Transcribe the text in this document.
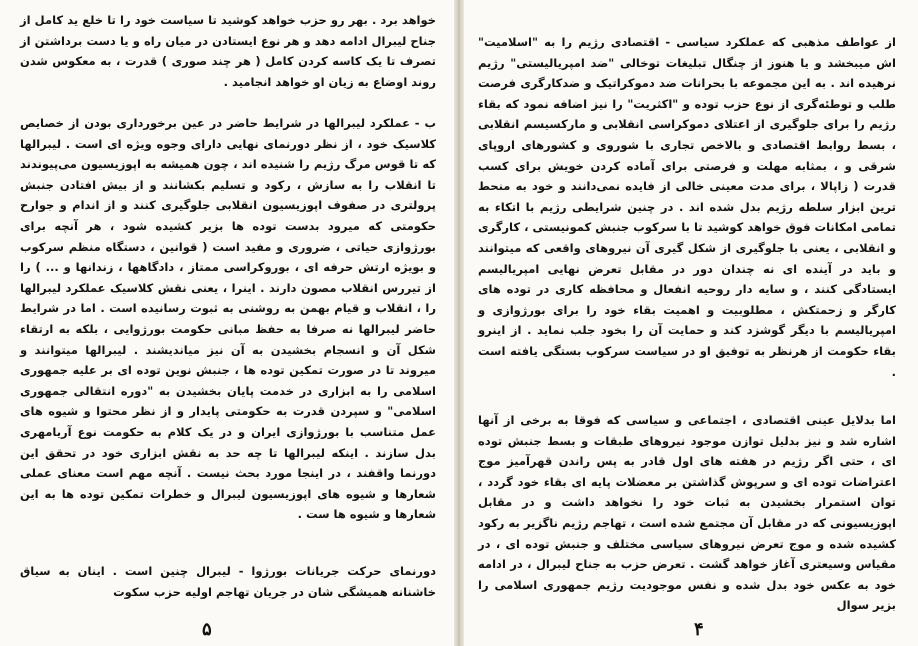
خواهد برد . بهر رو حزب خواهد کوشید تا سیاست خود را تا خلع ید کامل از جناح لیبرال ادامه دهد و هر نوع ایستادن در میان راه و یا دست برداشتن از تصرف تا یک کاسه کردن کامل ( هر چند صوری ) قدرت ، به معکوس شدن روند اوضاع به زیان او خواهد انجامید .

ب - عملکرد لیبرالها در شرایط حاضر در عین برخورداری بودن از خصایص کلاسیک خود ، از نظر دورنمای نهایی دارای وجوه ویژه ای است . لیبرالها که تا قوس مرگ رژیم را شنیده اند ، چون همیشه به اپوزیسیون می‌پیوندند تا انقلاب را به سازش ، رکود و تسلیم بکشانند و از بیش افتادن جنبش پرولتری در صفوف اپوزیسیون انقلابی جلوگیری کنند و از اندام و جوارح حکومتی که میرود بدست توده ها بزیر کشیده شود ، هر آنچه برای بورژوازی حیاتی ، ضروری و مفید است ( قوانین ، دستگاه منظم سرکوب و بویژه ارتش حرفه ای ، بوروکراسی ممتاز ، دادگاهها ، زندانها و ... ) را از تیررس انقلاب مصون دارند . اینرا ، یعنی نقش کلاسیک عملکرد لیبرالها را ، انقلاب و قیام بهمن به روشنی به ثبوت رسانیده است . اما در شرایط حاضر لیبرالها نه صرفا به حفظ مبانی حکومت بورژوایی ، بلکه به ارتقاء شکل آن و انسجام بخشیدن به آن نیز میاندیشند . لیبرالها میتوانند و میروند تا در صورت تمکین توده ها ، جنبش نوین توده ای بر علیه جمهوری اسلامی را به ابزاری در خدمت پایان بخشیدن به "دوره انتقالی جمهوری اسلامی" و سپردن قدرت به حکومتی پایدار و از نظر محتوا و شیوه های عمل متناسب با بورژوازی ایران و در یک کلام به حکومت نوع آریامهری بدل سازند . اینکه لیبرالها تا چه حد به نقش ابزاری خود در تحقق این دورنما واقفند ، در اینجا مورد بحث نیست . آنچه مهم است معنای عملی شعارها و شیوه های اپوزیسیون لیبرال و خطرات تمکین توده ها به این شعارها و شیوه ها ست .

دورنمای حرکت جریانات بورژوا - لیبرال چنین است . اینان به سیاق خاشنانه همیشگی شان در جریان تهاجم اولیه حزب سکوت

۵

از عواطف مذهبی که عملکرد سیاسی - اقتصادی رژیم را به "اسلامیت" اش میبخشد و یا هنوز از چنگال تبلیغات توخالی "ضد امپریالیستی" رژیم نرهیده اند . به این مجموعه با بحرانات ضد دموکراتیک و ضدکارگری فرصت طلب و توطئه‌گری از نوع حزب توده و "اکثریت" را نیز اضافه نمود که بقاء رژیم را برای جلوگیری از اعتلای دموکراسی انقلابی و مارکسیسم انقلابی ، بسط روابط اقتصادی و بالاخص تجاری با شوروی و کشورهای اروپای شرقی و ، بمثابه مهلت و فرصتی برای آماده کردن خویش برای کسب قدرت ( زاپالا ، برای مدت معینی خالی از فایده نمی‌دانند و خود به منحط ترین ابزار سلطه رژیم بدل شده اند . در چنین شرایطی رژیم با اتکاء به تمامی امکانات فوق خواهد کوشید تا با سرکوب جنبش کمونیستی ، کارگری و انقلابی ، یعنی با جلوگیری از شکل گیری آن نیروهای واقعی که میتوانند و باید در آینده ای نه چندان دور در مقابل تعرض نهایی امپریالیسم ایستادگی کنند ، و سایه دار روحیه انفعال و محافظه کاری در توده های کارگر و زحمتکش ، مطلوبیت و اهمیت بقاء خود را برای بورژوازی و امپریالیسم با دیگر گوشزد کند و حمایت آن را بخود جلب نماید . از اینرو بقاء حکومت از هرنظر به توفیق او در سیاست سرکوب بستگی یافته است .

اما بدلایل عینی اقتصادی ، اجتماعی و سیاسی که فوقا به برخی از آنها اشاره شد و نیز بدلیل توازن موجود نیروهای طبقات و بسط جنبش توده ای ، حتی اگر رژیم در هفته های اول قادر به پس راندن قهرآمیز موج اعتراضات توده ای و سرپوش گذاشتن بر معضلات پایه ای بقاء خود گردد ، توان استمرار بخشیدن به ثبات خود را نخواهد داشت و در مقابل اپوزیسیونی که در مقابل آن مجتمع شده است ، تهاجم رژیم ناگزیر به رکود کشیده شده و موج تعرض نیروهای سیاسی مختلف و جنبش توده ای ، در مقیاس وسیعتری آغاز خواهد گشت . تعرض حزب به جناح لیبرال ، در ادامه خود به عکس خود بدل شده و نفس موجودیت رژیم جمهوری اسلامی را بزیر سوال

۴
